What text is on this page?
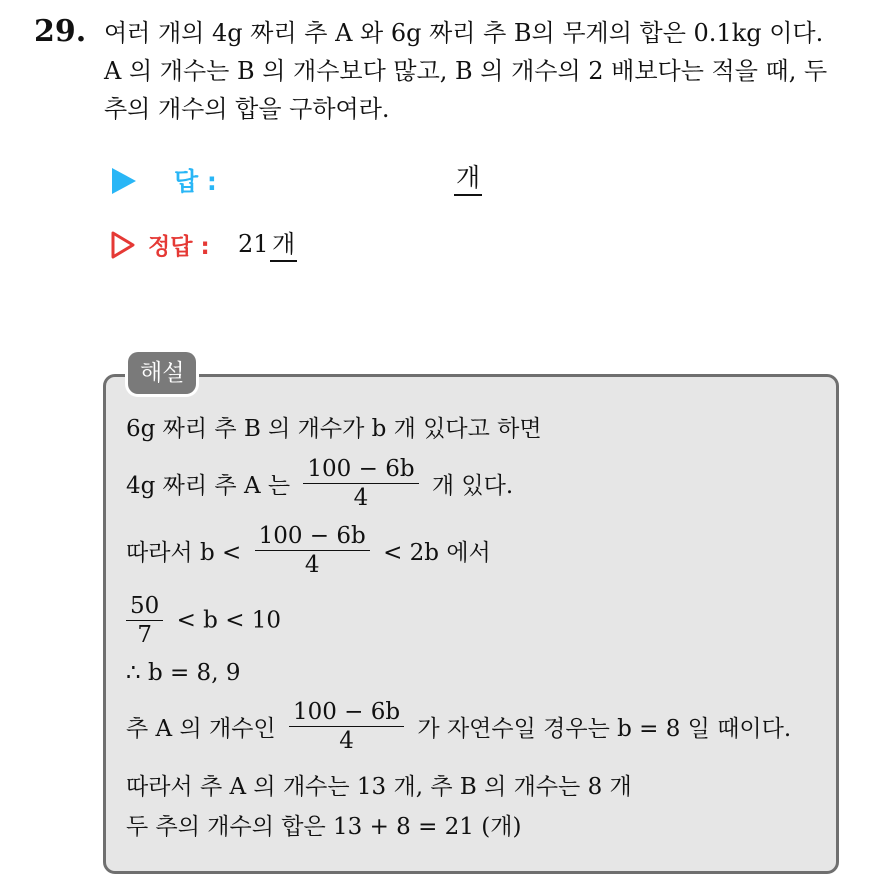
29. 여러 개의 4g 짜리 추 A 와 6g 짜리 추 B의 무게의 합은 0.1kg 이다.
A 의 개수는 B 의 개수보다 많고, B 의 개수의 2 배보다는 적을 때, 두
추의 개수의 합을 구하여라.
답 :	개
정답 : 21 개
해설
6g 짜리 추 B 의 개수가 b 개 있다고 하면
4g 짜리 추 A 는 $\frac{100 - 6b}{4}$ 개 있다.
따라서 $b < \frac{100 - 6b}{4} < 2b$ 에서
$\frac{50}{7} < b < 10$
∴ b = 8, 9
추 A 의 개수인 $\frac{100 - 6b}{4}$ 가 자연수일 경우는 b = 8 일 때이다.
따라서 추 A 의 개수는 13 개, 추 B 의 개수는 8 개
두 추의 개수의 합은 13 + 8 = 21 (개)
